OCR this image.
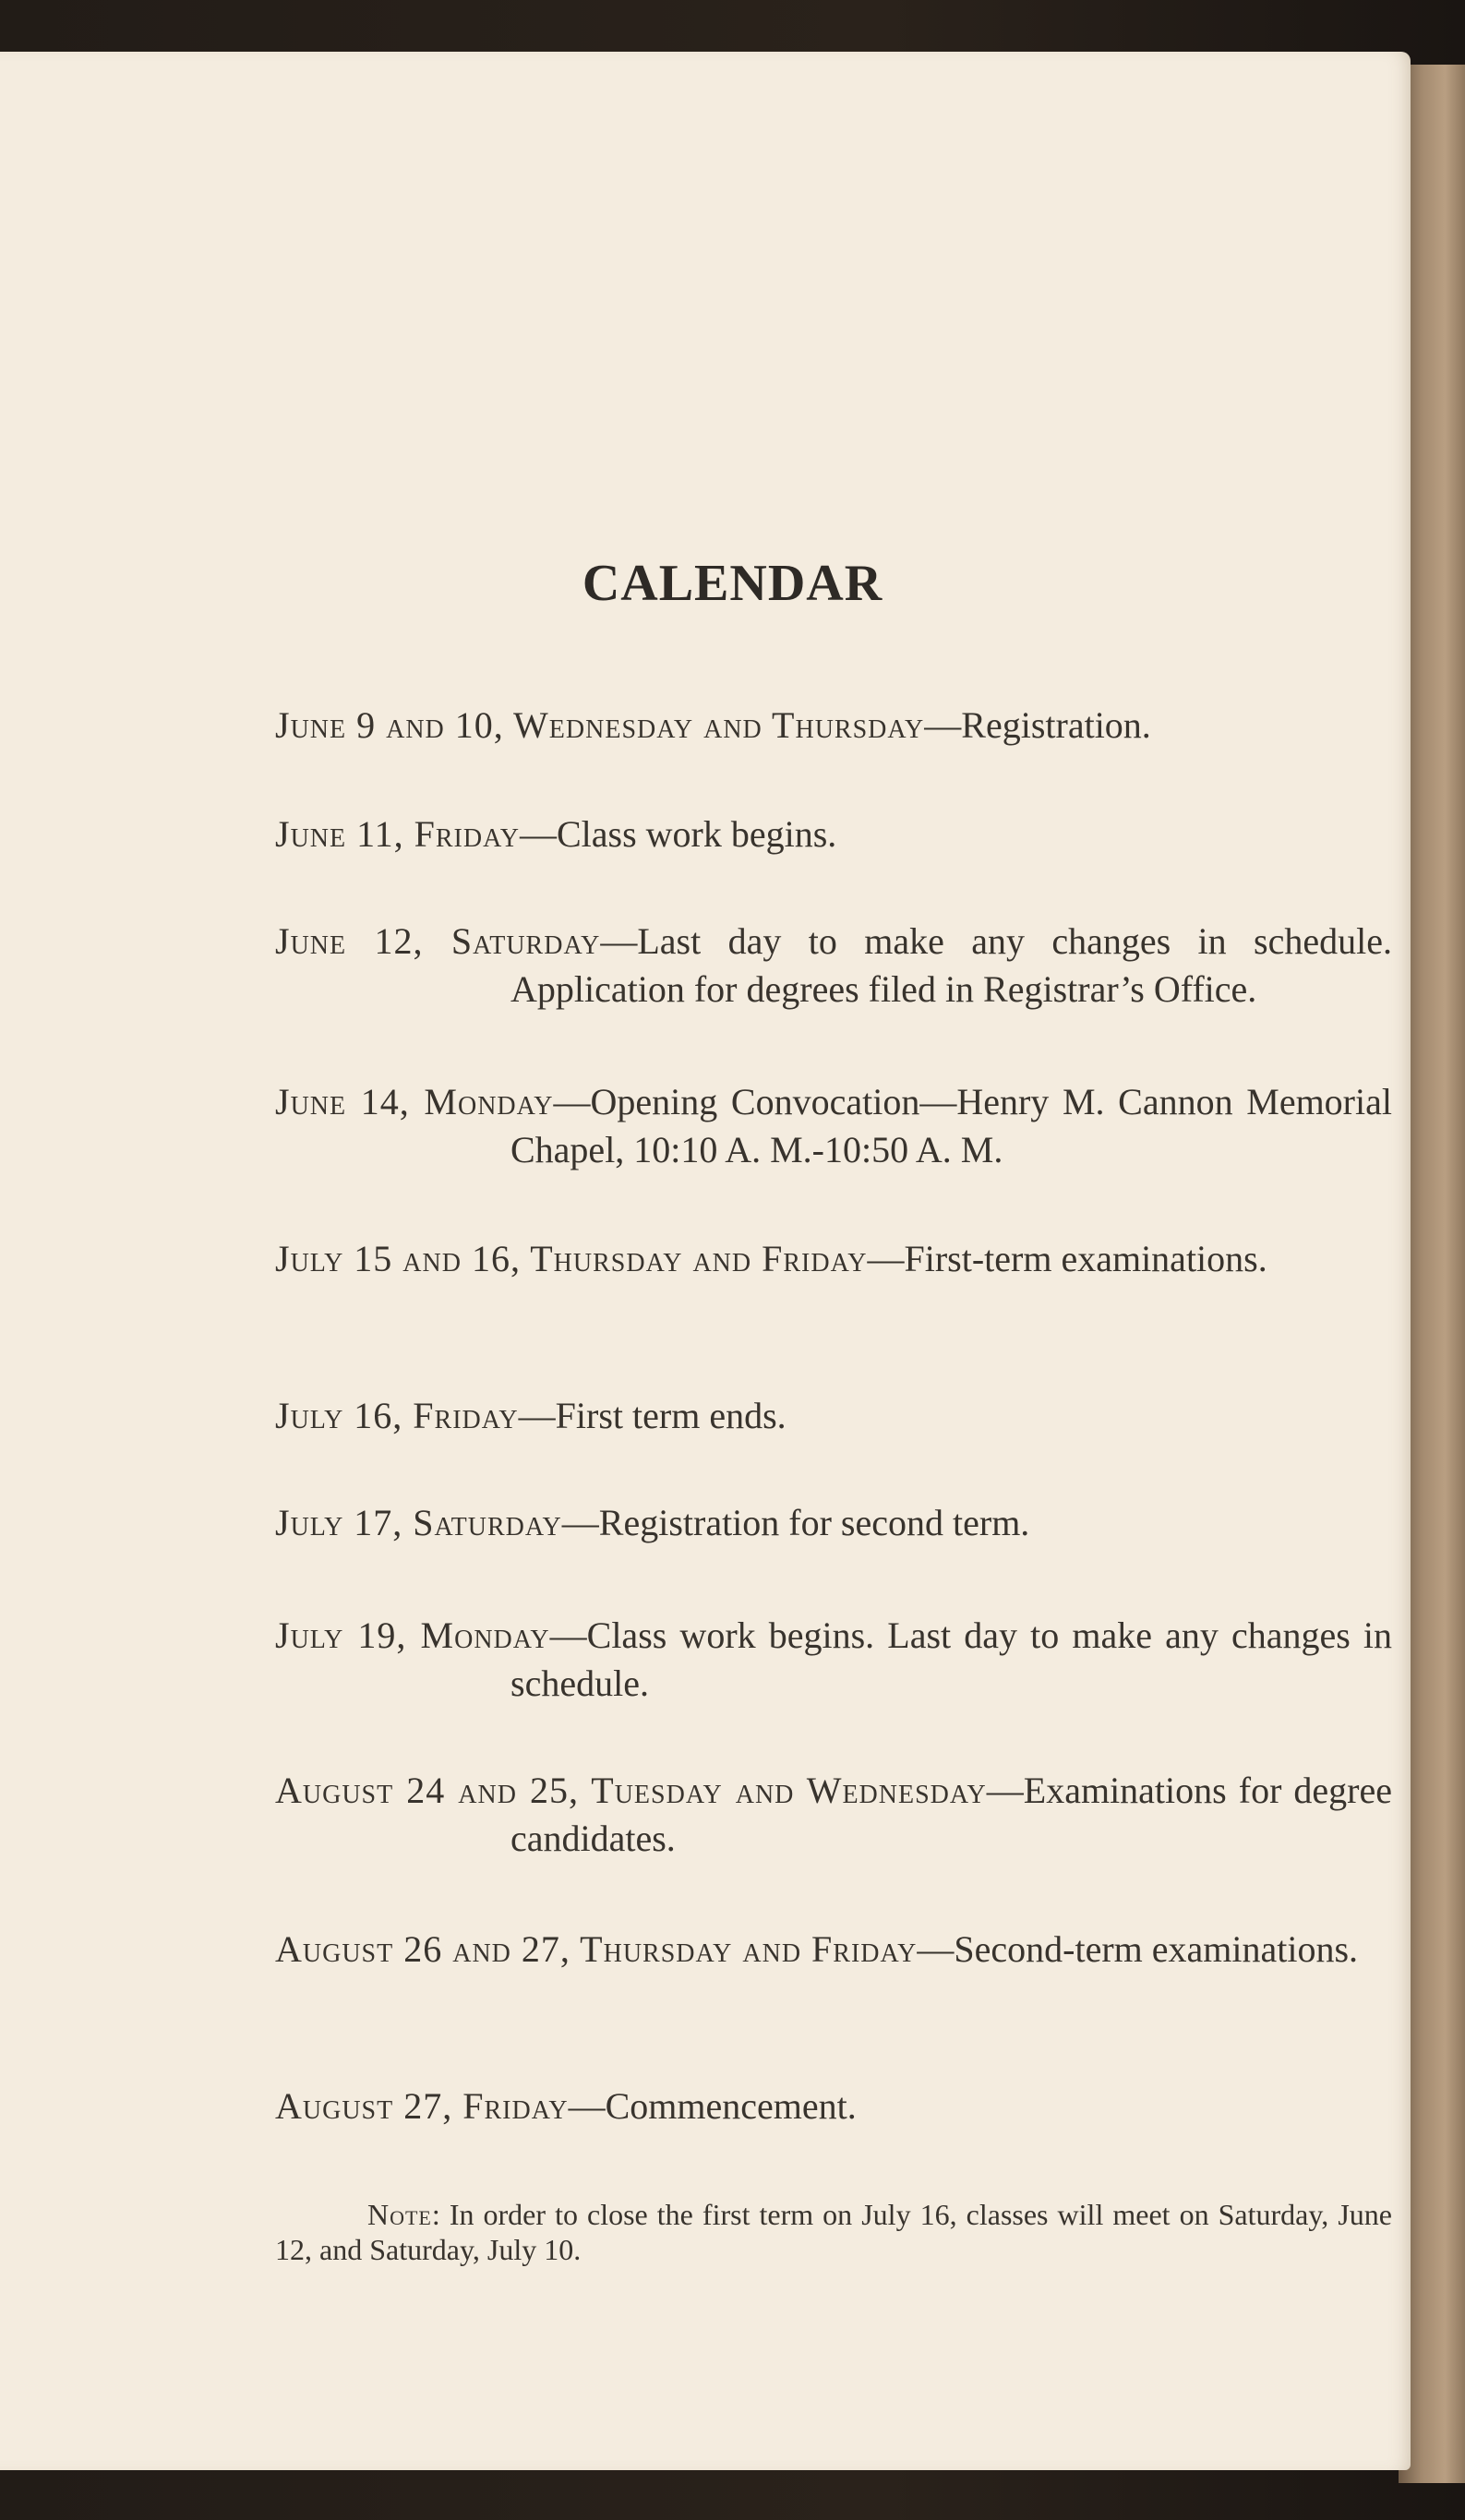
CALENDAR
June 9 and 10, Wednesday and Thursday—Registration.
June 11, Friday—Class work begins.
June 12, Saturday—Last day to make any changes in schedule. Application for degrees filed in Registrar’s Office.
June 14, Monday—Opening Convocation—Henry M. Cannon Memorial Chapel, 10:10 A. M.-10:50 A. M.
July 15 and 16, Thursday and Friday—First-term examinations.
July 16, Friday—First term ends.
July 17, Saturday—Registration for second term.
July 19, Monday—Class work begins. Last day to make any changes in schedule.
August 24 and 25, Tuesday and Wednesday—Examinations for degree candidates.
August 26 and 27, Thursday and Friday—Second-term examinations.
August 27, Friday—Commencement.

Note: In order to close the first term on July 16, classes will meet on Saturday, June 12, and Saturday, July 10.
